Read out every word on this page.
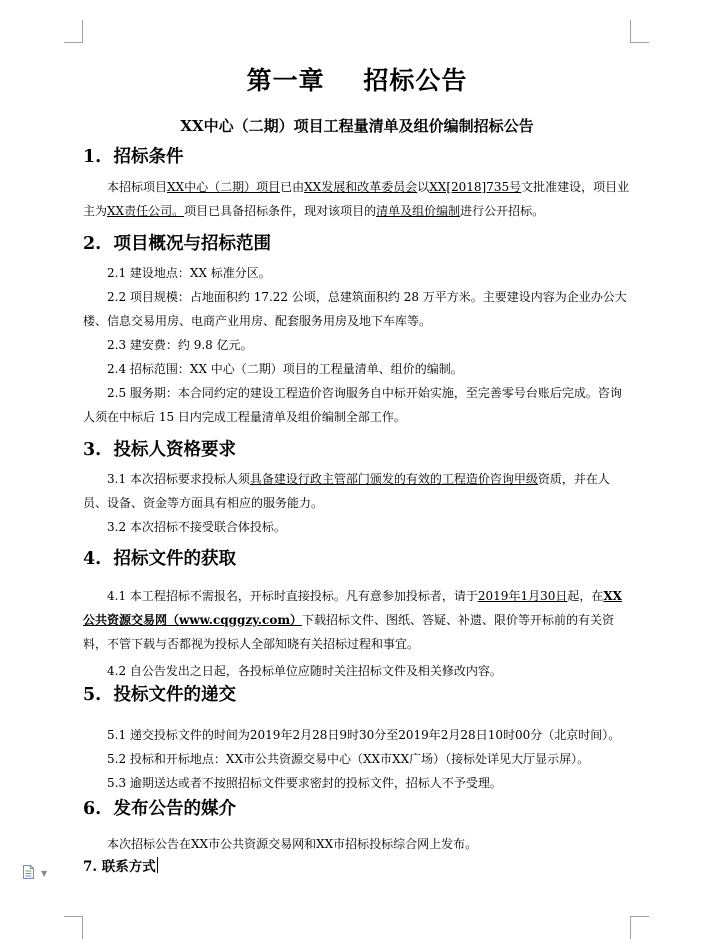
第一章    招标公告
XX中心（二期）项目工程量清单及组价编制招标公告
1.  招标条件

本招标项目XX中心（二期）项目已由XX发展和改革委员会以XX[2018]735号文批准建设，项目业主为XX责任公司。项目已具备招标条件，现对该项目的清单及组价编制进行公开招标。

2.  项目概况与招标范围

2.1 建设地点：XX 标准分区。

2.2 项目规模：占地面积约 17.22 公顷，总建筑面积约 28 万平方米。主要建设内容为企业办公大楼、信息交易用房、电商产业用房、配套服务用房及地下车库等。

2.3 建安费：约 9.8 亿元。

2.4 招标范围：XX 中心（二期）项目的工程量清单、组价的编制。

2.5 服务期：本合同约定的建设工程造价咨询服务自中标开始实施，至完善零号台账后完成。咨询人须在中标后 15 日内完成工程量清单及组价编制全部工作。

3.  投标人资格要求

3.1 本次招标要求投标人须具备建设行政主管部门颁发的有效的工程造价咨询甲级资质，并在人员、设备、资金等方面具有相应的服务能力。

3.2 本次招标不接受联合体投标。

4.  招标文件的获取

4.1 本工程招标不需报名，开标时直接投标。凡有意参加投标者，请于2019年1月30日起，在XX公共资源交易网（www.cqggzy.com）下载招标文件、图纸、答疑、补遗、限价等开标前的有关资料，不管下载与否都视为投标人全部知晓有关招标过程和事宜。

4.2 自公告发出之日起，各投标单位应随时关注招标文件及相关修改内容。

5.  投标文件的递交

5.1 递交投标文件的时间为2019年2月28日9时30分至2019年2月28日10时00分（北京时间）。

5.2 投标和开标地点：XX市公共资源交易中心（XX市XX广场）（接标处详见大厅显示屏）。

5.3 逾期送达或者不按照招标文件要求密封的投标文件，招标人不予受理。

6.  发布公告的媒介

本次招标公告在XX市公共资源交易网和XX市招标投标综合网上发布。

7. 联系方式
▼
